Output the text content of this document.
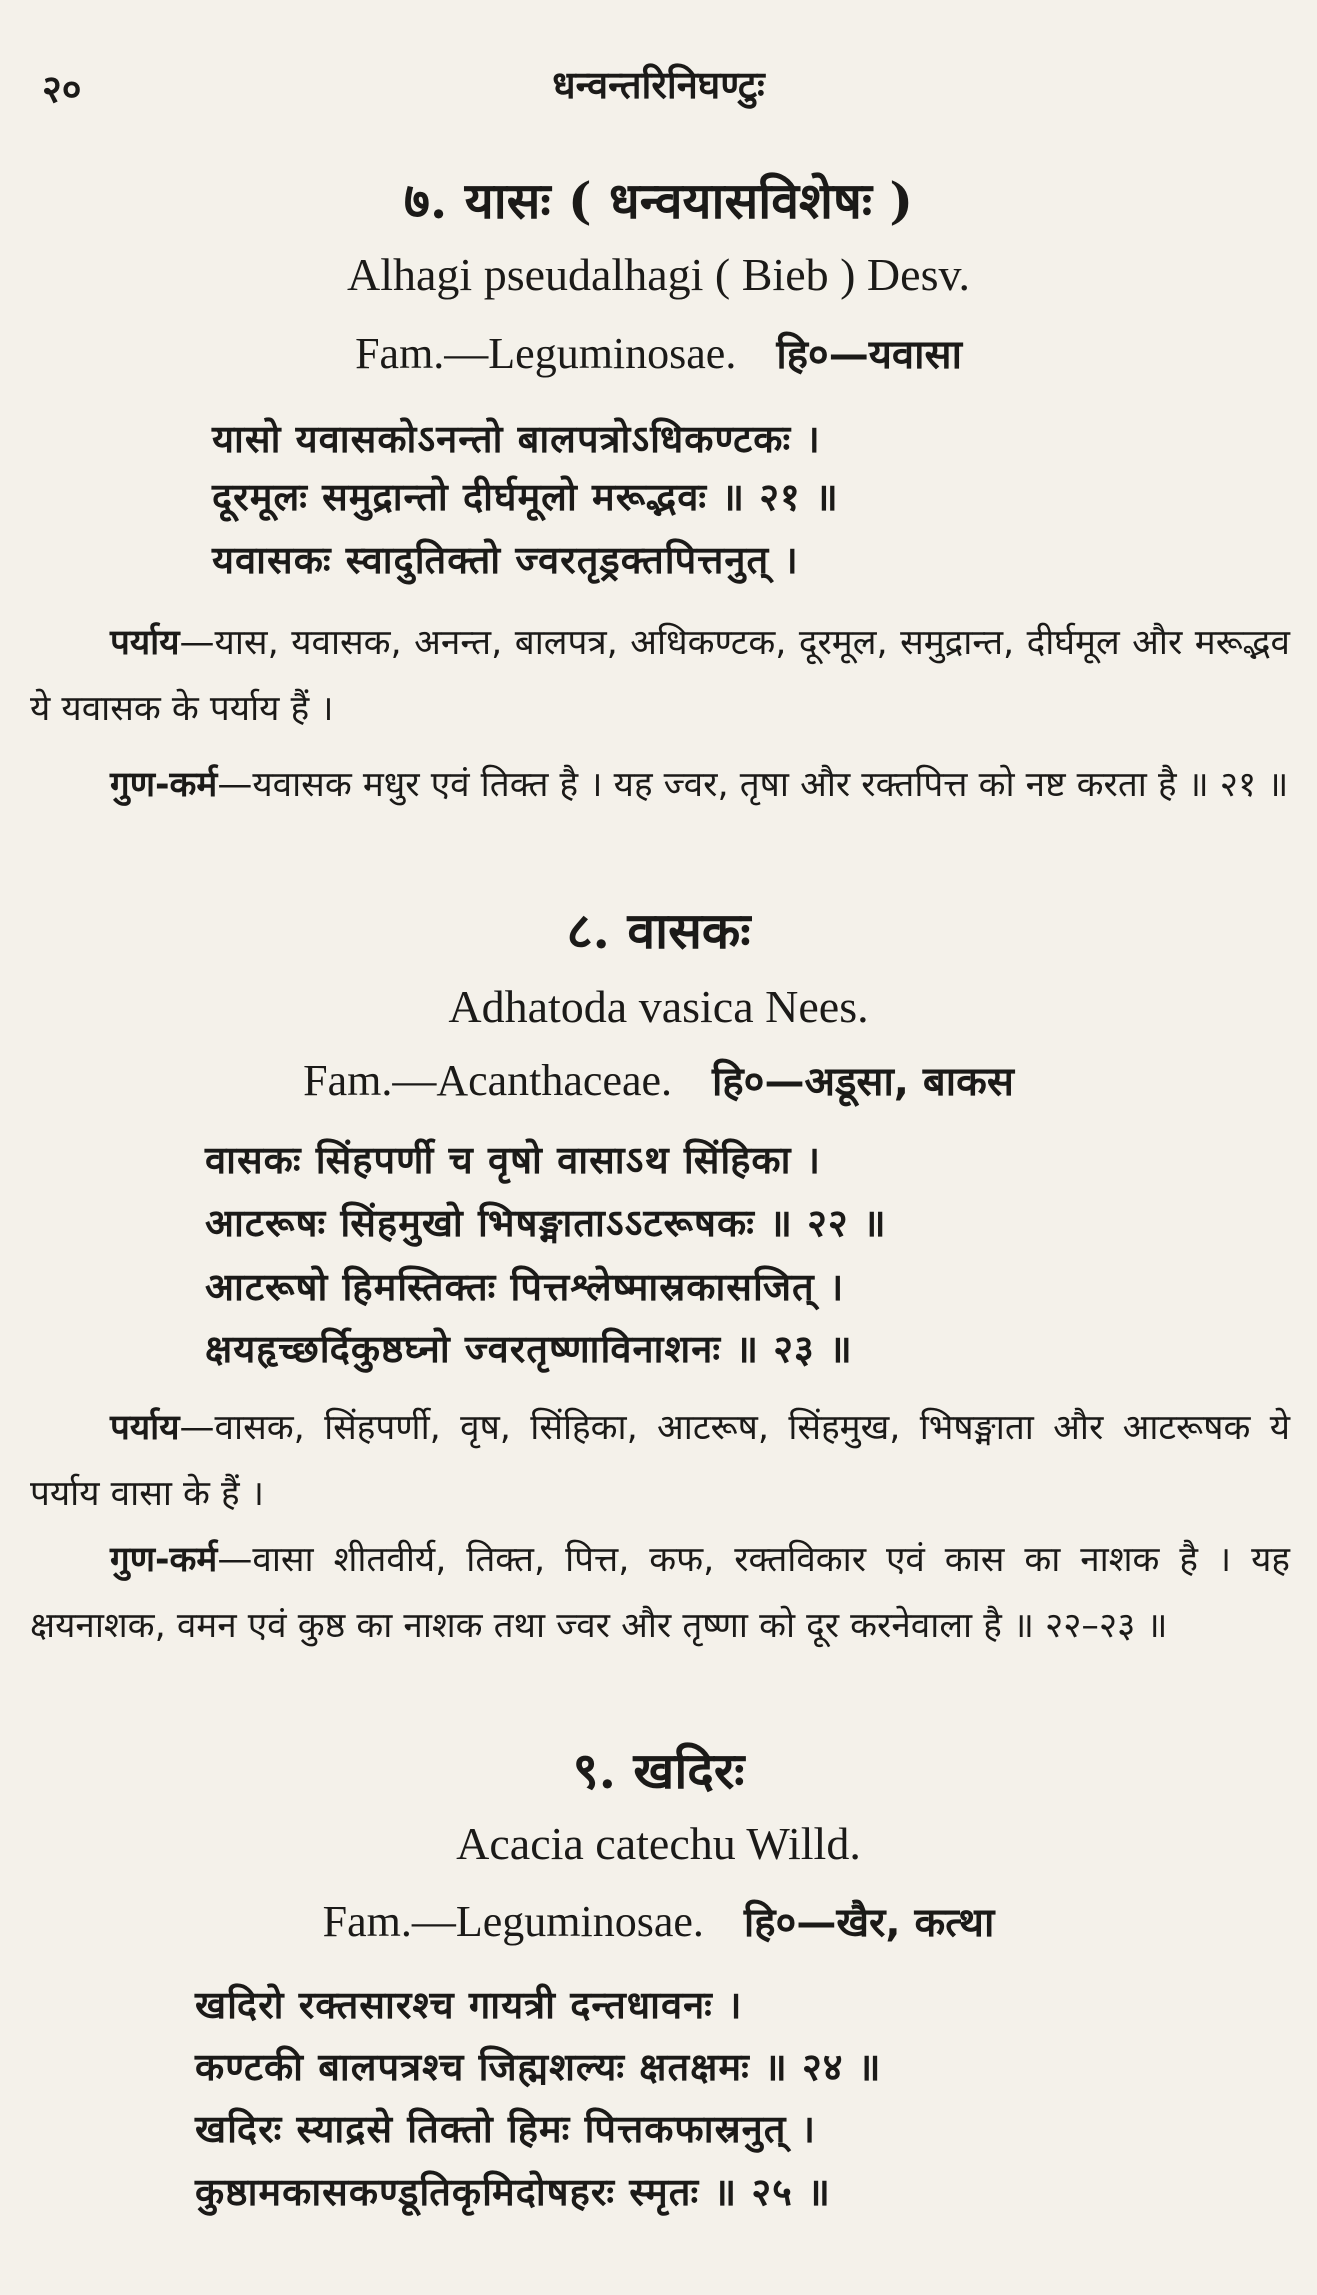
२०	धन्वन्तरिनिघण्टुः
७. यासः ( धन्वयासविशेषः )
Alhagi pseudalhagi ( Bieb ) Desv.
Fam.—Leguminosae. हि०—यवासा
यासो यवासकोऽनन्तो बालपत्रोऽधिकण्टकः ।
दूरमूलः समुद्रान्तो दीर्घमूलो मरूद्भवः ॥ २१ ॥
यवासकः स्वादुतिक्तो ज्वरतृड्रक्तपित्तनुत् ।
पर्याय—यास, यवासक, अनन्त, बालपत्र, अधिकण्टक, दूरमूल, समुद्रान्त, दीर्घमूल और मरूद्भव ये यवासक के पर्याय हैं ।
गुण-कर्म—यवासक मधुर एवं तिक्त है । यह ज्वर, तृषा और रक्तपित्त को नष्ट करता है ॥ २१ ॥
८. वासकः
Adhatoda vasica Nees.
Fam.—Acanthaceae. हि०—अडूसा, बाकस
वासकः सिंहपर्णी च वृषो वासाऽथ सिंहिका ।
आटरूषः सिंहमुखो भिषङ्माताऽऽटरूषकः ॥ २२ ॥
आटरूषो हिमस्तिक्तः पित्तश्लेष्मास्रकासजित् ।
क्षयहृच्छर्दिकुष्ठघ्नो ज्वरतृष्णाविनाशनः ॥ २३ ॥
पर्याय—वासक, सिंहपर्णी, वृष, सिंहिका, आटरूष, सिंहमुख, भिषङ्माता और आटरूषक ये पर्याय वासा के हैं ।
गुण-कर्म—वासा शीतवीर्य, तिक्त, पित्त, कफ, रक्तविकार एवं कास का नाशक है । यह क्षयनाशक, वमन एवं कुष्ठ का नाशक तथा ज्वर और तृष्णा को दूर करनेवाला है ॥ २२–२३ ॥
९. खदिरः
Acacia catechu Willd.
Fam.—Leguminosae. हि०—खैर, कत्था
खदिरो रक्तसारश्च गायत्री दन्तधावनः ।
कण्टकी बालपत्रश्च जिह्मशल्यः क्षतक्षमः ॥ २४ ॥
खदिरः स्याद्रसे तिक्तो हिमः पित्तकफास्रनुत् ।
कुष्ठामकासकण्डूतिकृमिदोषहरः स्मृतः ॥ २५ ॥
